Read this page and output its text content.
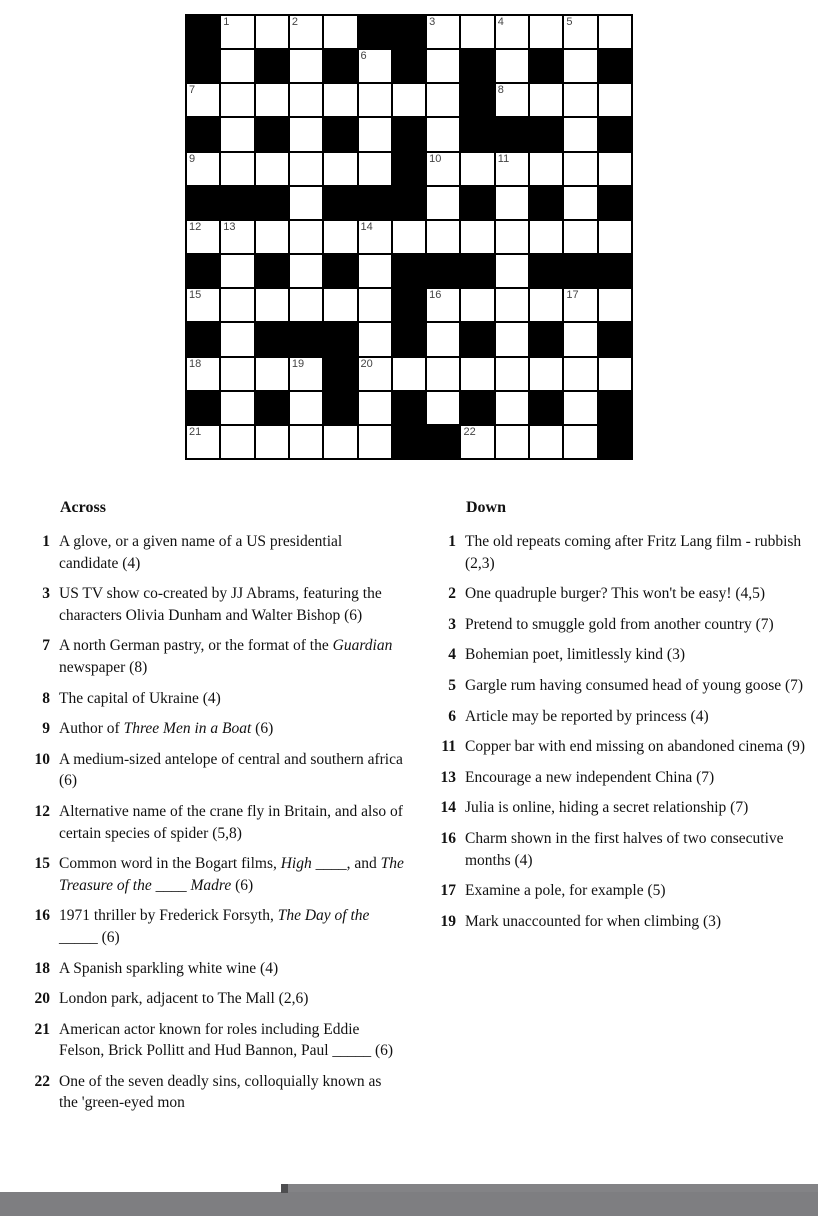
1	2	3	4	5
6
7	8
9	10	11
12 13	14
15	16	17
18	19	20
21	22
Across
1 A glove, or a given name of a US presidential candidate (4)
3 US TV show co-created by JJ Abrams, featuring the characters Olivia Dunham and Walter Bishop (6)
7 A north German pastry, or the format of the Guardian newspaper (8)
8 The capital of Ukraine (4)
9 Author of Three Men in a Boat (6)
10 A medium-sized antelope of central and southern africa (6)
12 Alternative name of the crane fly in Britain, and also of certain species of spider (5,8)
15 Common word in the Bogart films, High ____, and The Treasure of the ____ Madre (6)
16 1971 thriller by Frederick Forsyth, The Day of the _____ (6)
18 A Spanish sparkling white wine (4)
20 London park, adjacent to The Mall (2,6)
21 American actor known for roles including Eddie Felson, Brick Pollitt and Hud Bannon, Paul _____ (6)
22 One of the seven deadly sins, colloquially known as the 'green-eyed mon
Down
1 The old repeats coming after Fritz Lang film - rubbish (2,3)
2 One quadruple burger? This won't be easy! (4,5)
3 Pretend to smuggle gold from another country (7)
4 Bohemian poet, limitlessly kind (3)
5 Gargle rum having consumed head of young goose (7)
6 Article may be reported by princess (4)
11 Copper bar with end missing on abandoned cinema (9)
13 Encourage a new independent China (7)
14 Julia is online, hiding a secret relationship (7)
16 Charm shown in the first halves of two consecutive months (4)
17 Examine a pole, for example (5)
19 Mark unaccounted for when climbing (3)
